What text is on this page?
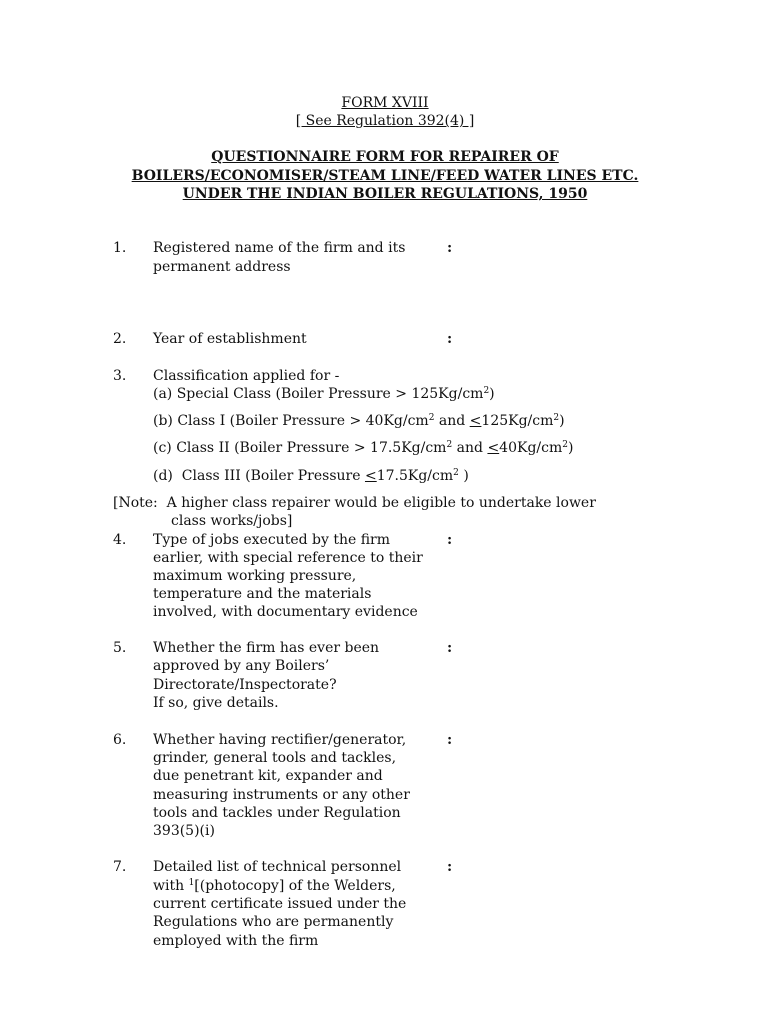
FORM XVIII
[ See Regulation 392(4) ]
QUESTIONNAIRE FORM FOR REPAIRER OF
BOILERS/ECONOMISER/STEAM LINE/FEED WATER LINES ETC.
UNDER THE INDIAN BOILER REGULATIONS, 1950
1. Registered name of the firm and its
permanent address
:
2. Year of establishment	:
3. Classification applied for -
(a) Special Class (Boiler Pressure > $125Kg/cm^2$)
(b) Class I (Boiler Pressure > $40Kg/cm^2$ and $<125Kg/cm^2$)
(c) Class II (Boiler Pressure > $17.5Kg/cm^2$ and $<40Kg/cm^2$)
(d)  Class III (Boiler Pressure $<17.5Kg/cm^2$ )
[Note:  A higher class repairer would be eligible to undertake lower
class works/jobs]
4. Type of jobs executed by the firm
earlier, with special reference to their
maximum working pressure,
temperature and the materials
involved, with documentary evidence
:
5. Whether the firm has ever been
approved by any Boilers’
Directorate/Inspectorate?
If so, give details.
:
6. Whether having rectifier/generator,
grinder, general tools and tackles,
due penetrant kit, expander and
measuring instruments or any other
tools and tackles under Regulation
393(5)(i)
:
7. Detailed list of technical personnel
with $^1$[(photocopy] of the Welders,
current certificate issued under the
Regulations who are permanently
employed with the firm
:
